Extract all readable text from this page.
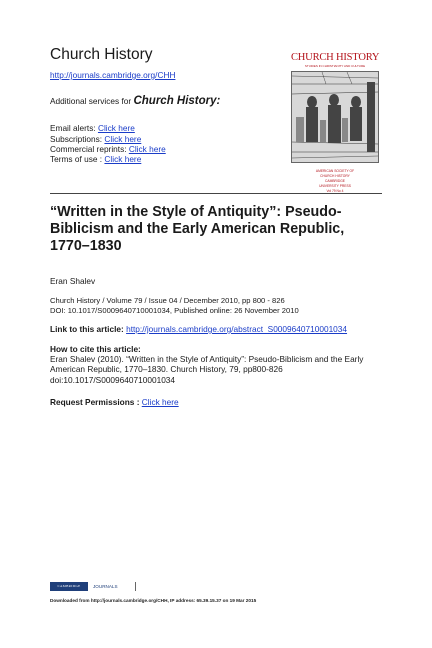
Church History
http://journals.cambridge.org/CHH
Additional services for Church History:
Email alerts: Click here
Subscriptions: Click here
Commercial reprints: Click here
Terms of use : Click here
CHURCH HISTORY
STUDIES IN CHRISTIANITY AND CULTURE
AMERICAN SOCIETY OF
CHURCH HISTORY
CAMBRIDGE
UNIVERSITY PRESS
Vol 79 No 4
“Written in the Style of Antiquity”: Pseudo-Biblicism and the Early American Republic, 1770–1830
Eran Shalev
Church History / Volume 79 / Issue 04 / December 2010, pp 800 - 826
DOI: 10.1017/S0009640710001034, Published online: 26 November 2010
Link to this article: http://journals.cambridge.org/abstract_S0009640710001034
How to cite this article:
Eran Shalev (2010). “Written in the Style of Antiquity”: Pseudo-Biblicism and the Early American Republic, 1770–1830. Church History, 79, pp800-826 doi:10.1017/S0009640710001034
Request Permissions : Click here
CAMBRIDGE	JOURNALS
Downloaded from http://journals.cambridge.org/CHH, IP address: 65.39.15.37 on 19 Mar 2015
